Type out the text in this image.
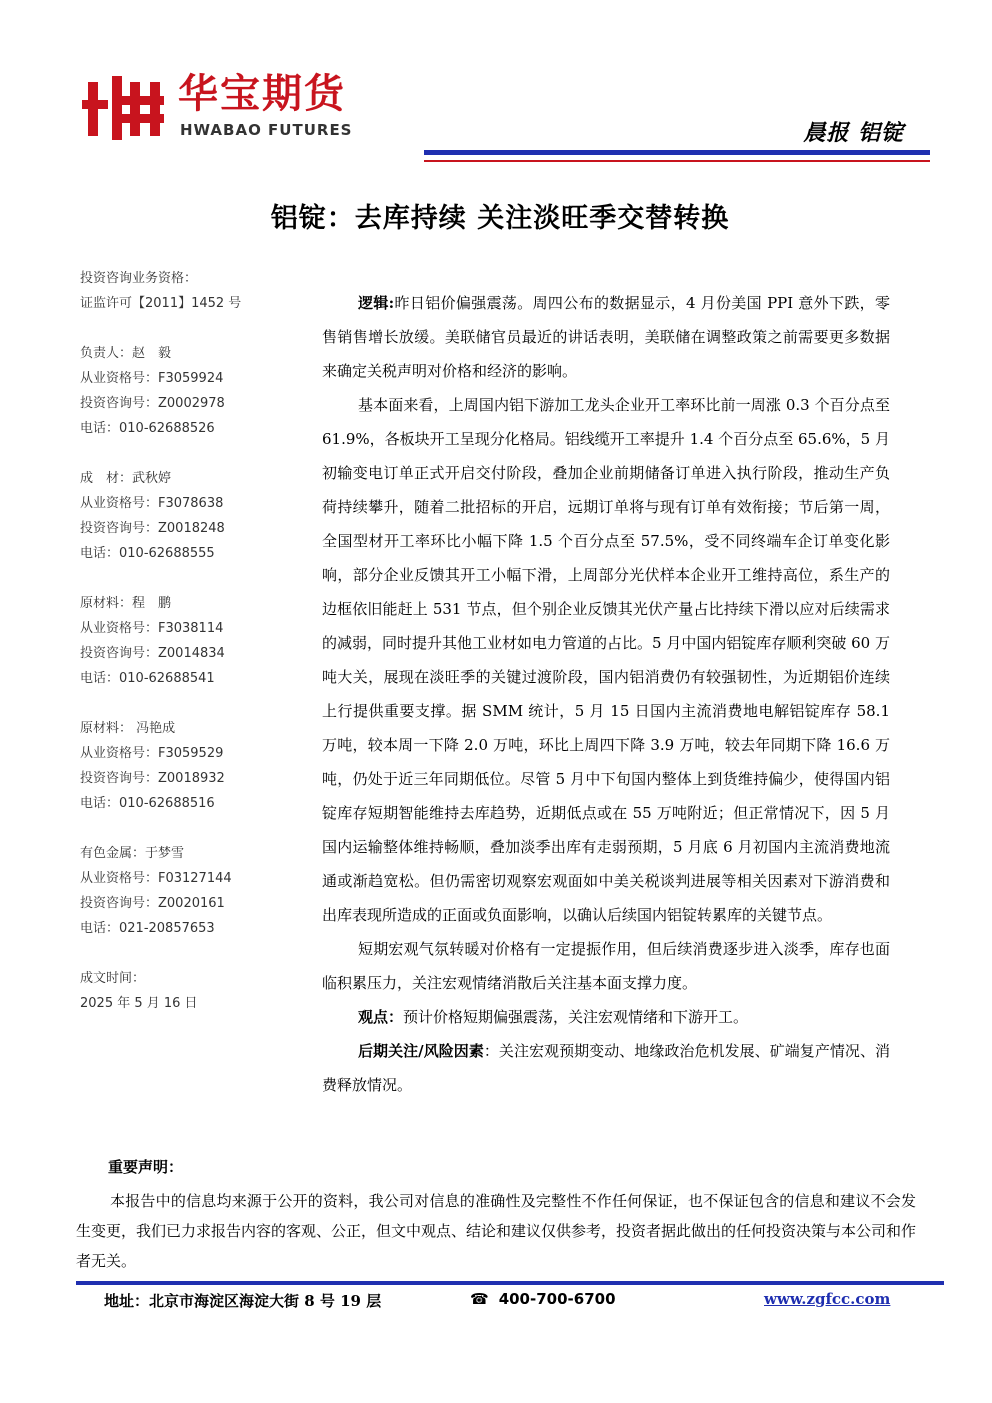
华宝期货
HWABAO FUTURES	晨报 铝锭
铝锭：去库持续 关注淡旺季交替转换
投资咨询业务资格：
证监许可【2011】1452 号
负责人：赵　毅
从业资格号：F3059924
投资咨询号：Z0002978
电话：010-62688526
成　材：武秋婷
从业资格号：F3078638
投资咨询号：Z0018248
电话：010-62688555
原材料：程　鹏
从业资格号：F3038114
投资咨询号：Z0014834
电话：010-62688541
原材料： 冯艳成
从业资格号：F3059529
投资咨询号：Z0018932
电话：010-62688516
有色金属：于梦雪
从业资格号：F03127144
投资咨询号：Z0020161
电话：021-20857653
成文时间：
2025 年 5 月 16 日

逻辑:昨日铝价偏强震荡。周四公布的数据显示，4 月份美国 PPI 意外下跌，零售销售增长放缓。美联储官员最近的讲话表明，美联储在调整政策之前需要更多数据来确定关税声明对价格和经济的影响。

基本面来看，上周国内铝下游加工龙头企业开工率环比前一周涨 0.3 个百分点至 61.9%，各板块开工呈现分化格局。铝线缆开工率提升 1.4 个百分点至 65.6%，5 月初输变电订单正式开启交付阶段，叠加企业前期储备订单进入执行阶段，推动生产负荷持续攀升，随着二批招标的开启，远期订单将与现有订单有效衔接；节后第一周，全国型材开工率环比小幅下降 1.5 个百分点至 57.5%，受不同终端车企订单变化影响，部分企业反馈其开工小幅下滑，上周部分光伏样本企业开工维持高位，系生产的边框依旧能赶上 531 节点，但个别企业反馈其光伏产量占比持续下滑以应对后续需求的减弱，同时提升其他工业材如电力管道的占比。5 月中国内铝锭库存顺利突破 60 万吨大关，展现在淡旺季的关键过渡阶段，国内铝消费仍有较强韧性，为近期铝价连续上行提供重要支撑。据 SMM 统计，5 月 15 日国内主流消费地电解铝锭库存 58.1 万吨，较本周一下降 2.0 万吨，环比上周四下降 3.9 万吨，较去年同期下降 16.6 万吨，仍处于近三年同期低位。尽管 5 月中下旬国内整体上到货维持偏少，使得国内铝锭库存短期智能维持去库趋势，近期低点或在 55 万吨附近；但正常情况下，因 5 月国内运输整体维持畅顺，叠加淡季出库有走弱预期，5 月底 6 月初国内主流消费地流通或渐趋宽松。但仍需密切观察宏观面如中美关税谈判进展等相关因素对下游消费和出库表现所造成的正面或负面影响，以确认后续国内铝锭转累库的关键节点。

短期宏观气氛转暖对价格有一定提振作用，但后续消费逐步进入淡季，库存也面临积累压力，关注宏观情绪消散后关注基本面支撑力度。

观点：预计价格短期偏强震荡，关注宏观情绪和下游开工。

后期关注/风险因素：关注宏观预期变动、地缘政治危机发展、矿端复产情况、消费释放情况。

重要声明：
本报告中的信息均来源于公开的资料，我公司对信息的准确性及完整性不作任何保证，也不保证包含的信息和建议不会发生变更，我们已力求报告内容的客观、公正，但文中观点、结论和建议仅供参考，投资者据此做出的任何投资决策与本公司和作者无关。
地址：北京市海淀区海淀大街 8 号 19 层	☎ 400-700-6700	www.zgfcc.com
